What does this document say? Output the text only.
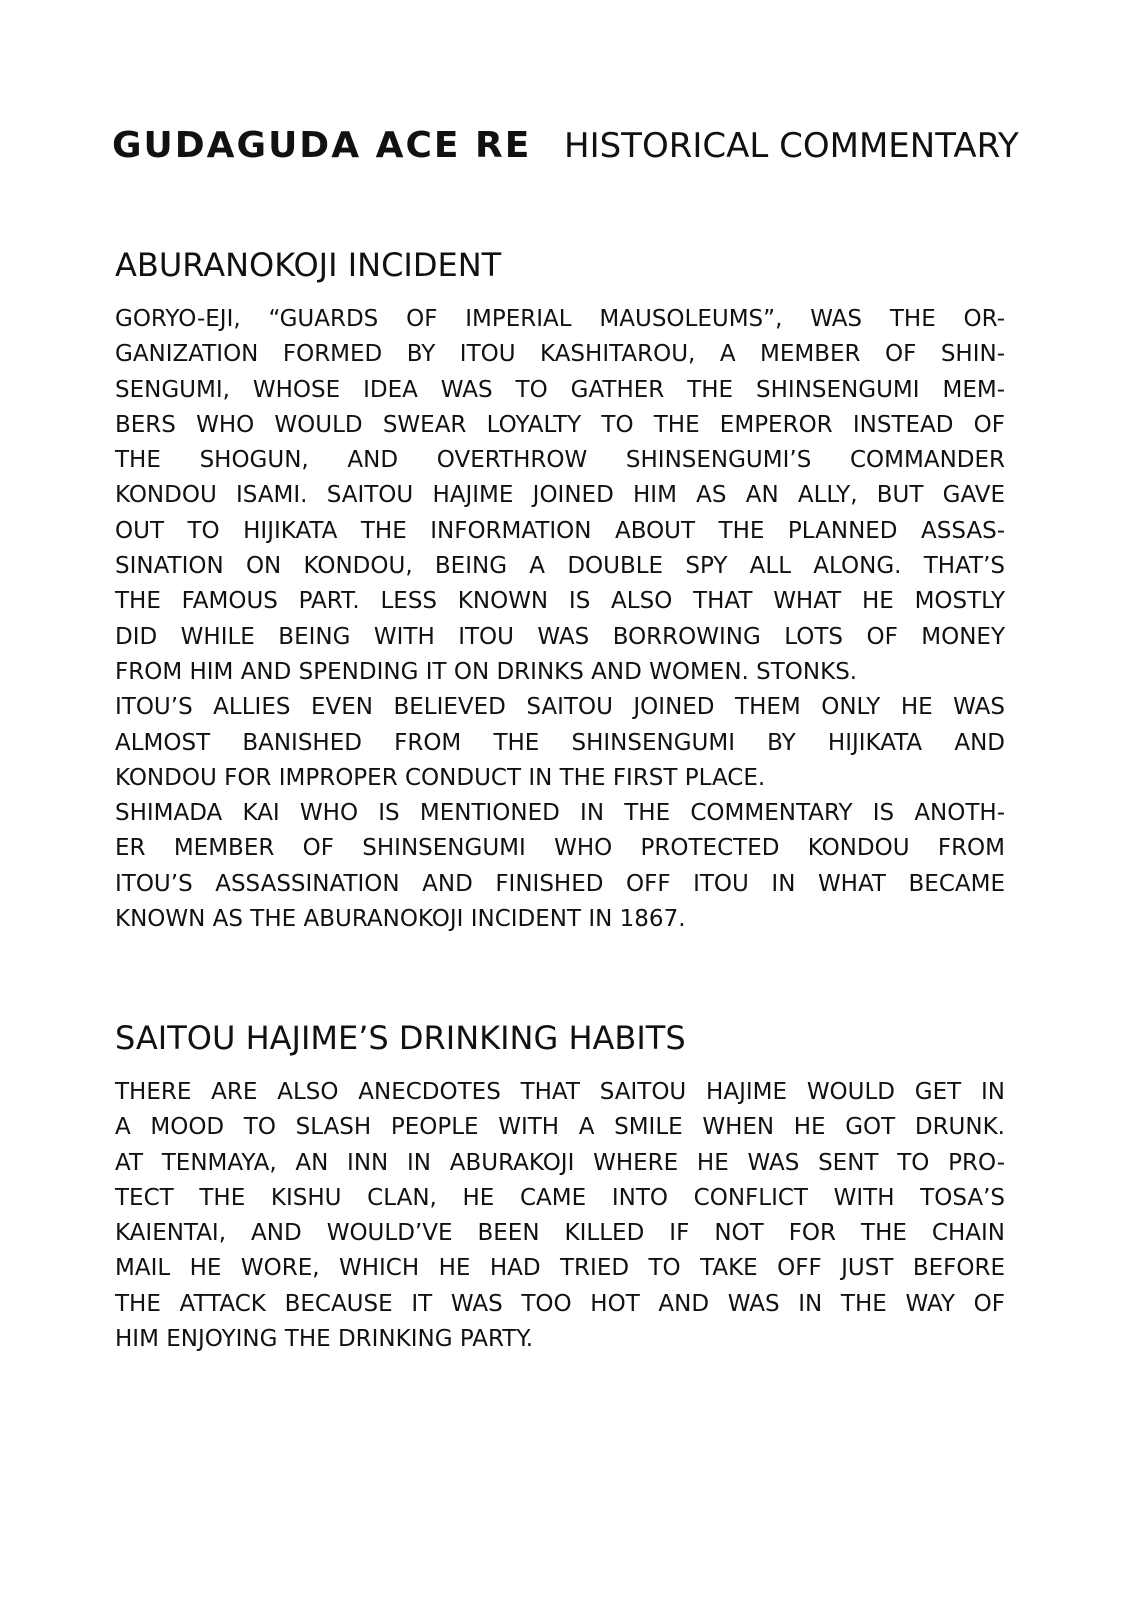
GUDAGUDA ACE RE HISTORICAL COMMENTARY
ABURANOKOJI INCIDENT
GORYO-EJI, “GUARDS OF IMPERIAL MAUSOLEUMS”, WAS THE OR-
GANIZATION FORMED BY ITOU KASHITAROU, A MEMBER OF SHIN-
SENGUMI, WHOSE IDEA WAS TO GATHER THE SHINSENGUMI MEM-
BERS WHO WOULD SWEAR LOYALTY TO THE EMPEROR INSTEAD OF
THE SHOGUN, AND OVERTHROW SHINSENGUMI’S COMMANDER
KONDOU ISAMI. SAITOU HAJIME JOINED HIM AS AN ALLY, BUT GAVE
OUT TO HIJIKATA THE INFORMATION ABOUT THE PLANNED ASSAS-
SINATION ON KONDOU, BEING A DOUBLE SPY ALL ALONG. THAT’S
THE FAMOUS PART. LESS KNOWN IS ALSO THAT WHAT HE MOSTLY
DID WHILE BEING WITH ITOU WAS BORROWING LOTS OF MONEY
FROM HIM AND SPENDING IT ON DRINKS AND WOMEN. STONKS.
ITOU’S ALLIES EVEN BELIEVED SAITOU JOINED THEM ONLY HE WAS
ALMOST BANISHED FROM THE SHINSENGUMI BY HIJIKATA AND
KONDOU FOR IMPROPER CONDUCT IN THE FIRST PLACE.
SHIMADA KAI WHO IS MENTIONED IN THE COMMENTARY IS ANOTH-
ER MEMBER OF SHINSENGUMI WHO PROTECTED KONDOU FROM
ITOU’S ASSASSINATION AND FINISHED OFF ITOU IN WHAT BECAME
KNOWN AS THE ABURANOKOJI INCIDENT IN 1867.
SAITOU HAJIME’S DRINKING HABITS
THERE ARE ALSO ANECDOTES THAT SAITOU HAJIME WOULD GET IN
A MOOD TO SLASH PEOPLE WITH A SMILE WHEN HE GOT DRUNK.
AT TENMAYA, AN INN IN ABURAKOJI WHERE HE WAS SENT TO PRO-
TECT THE KISHU CLAN, HE CAME INTO CONFLICT WITH TOSA’S
KAIENTAI, AND WOULD’VE BEEN KILLED IF NOT FOR THE CHAIN
MAIL HE WORE, WHICH HE HAD TRIED TO TAKE OFF JUST BEFORE
THE ATTACK BECAUSE IT WAS TOO HOT AND WAS IN THE WAY OF
HIM ENJOYING THE DRINKING PARTY.
